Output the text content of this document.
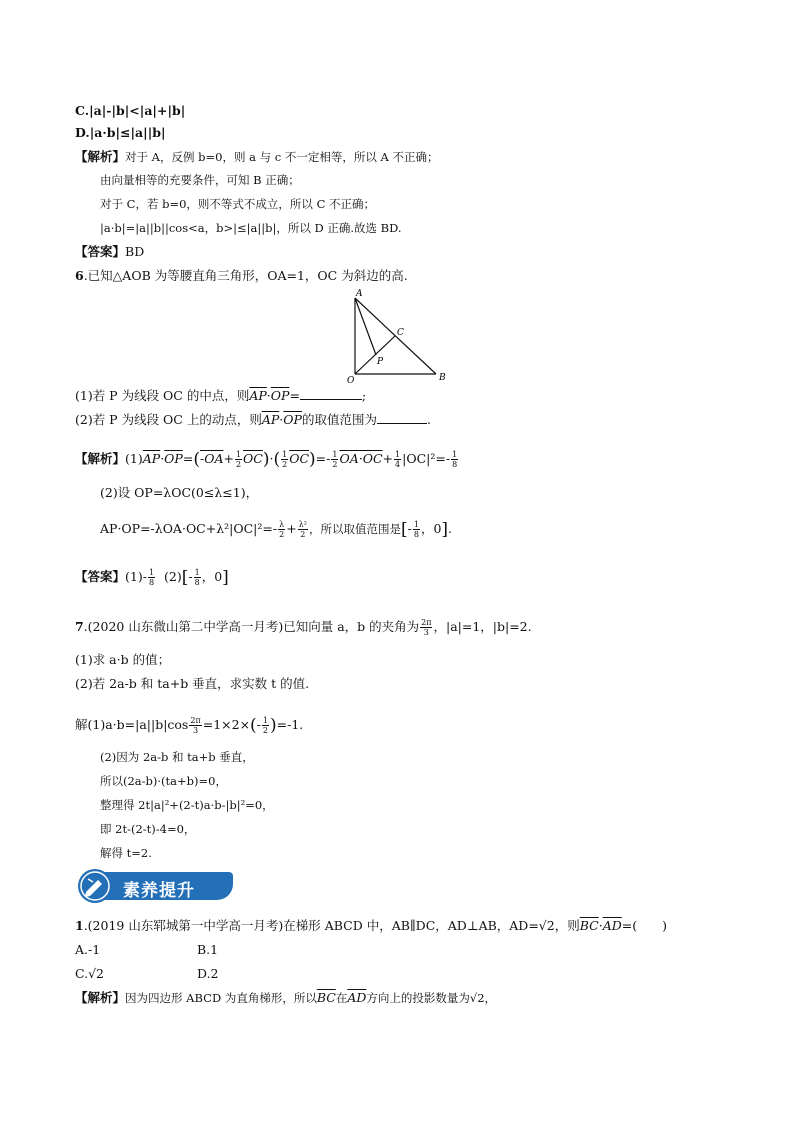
C.|a|-|b|<|a|+|b|
D.|a·b|≤|a||b|
【解析】对于 A，反例 b=0，则 a 与 c 不一定相等，所以 A 不正确；
由向量相等的充要条件，可知 B 正确；
对于 C，若 b=0，则不等式不成立，所以 C 不正确；
|a·b|=|a||b||cos<a，b>|≤|a||b|，所以 D 正确.故选 BD.
【答案】BD
6.已知△AOB 为等腰直角三角形，OA=1，OC 为斜边的高.
A
B
C
O
P
(1)若 P 为线段 OC 的中点，则$\overline{AP}\cdot\overline{OP}=$	;
(2)若 P 为线段 OC 上的动点，则$\overline{AP}\cdot\overline{OP}$的取值范围为	.
【解析】$(1)\overline{AP}\cdot\overline{OP}=(-OA+ \frac{1}{2} \overline{OC})\cdot( \frac{1}{2} \overline{OC})=- \frac{1}{2} OA\cdot OC+ \frac{1}{4} |OC|^2=- \frac{1}{8}$
(2)设 OP=λOC(0≤λ≤1)，
$AP\cdot OP=-\lambda OA\cdot OC+\lambda^2|OC|^2=- \frac{\lambda}{2} + \frac{\text{λ²}}{2}$ ，所以取值范围是[- $\frac{1}{8}$ ，0].
【答案】$(1)- \frac{1}{8} (2)[- \frac{1}{8}$ ，0]
7.(2020 山东微山第二中学高一月考)已知向量 a，b 的夹角为 $\frac{2\pi}{3}$ ，|a|=1，|b|=2.
(1)求 a·b 的值；
(2)若 2a-b 和 ta+b 垂直，求实数 t 的值.
解$(1)a\cdot b=|a||b|\cos \frac{2\pi}{3} =1\times 2\times(- \frac{1}{2} )=-1$.
(2)因为 2a-b 和 ta+b 垂直，
所以(2a-b)·(ta+b)=0，
整理得 2t|a|²+(2-t)a·b-|b|²=0，
即 2t-(2-t)-4=0，
解得 t=2.
素养提升
1.(2019 山东郓城第一中学高一月考)在梯形 ABCD 中，AB∥DC，AD⊥AB，AD=√2，则$\overline{BC}\cdot\overline{AD}=$(　　)
A.-1	B.1
C.√2	D.2
【解析】因为四边形 ABCD 为直角梯形，所以$\overline{BC}$在$\overline{AD}$方向上的投影数量为√2，
